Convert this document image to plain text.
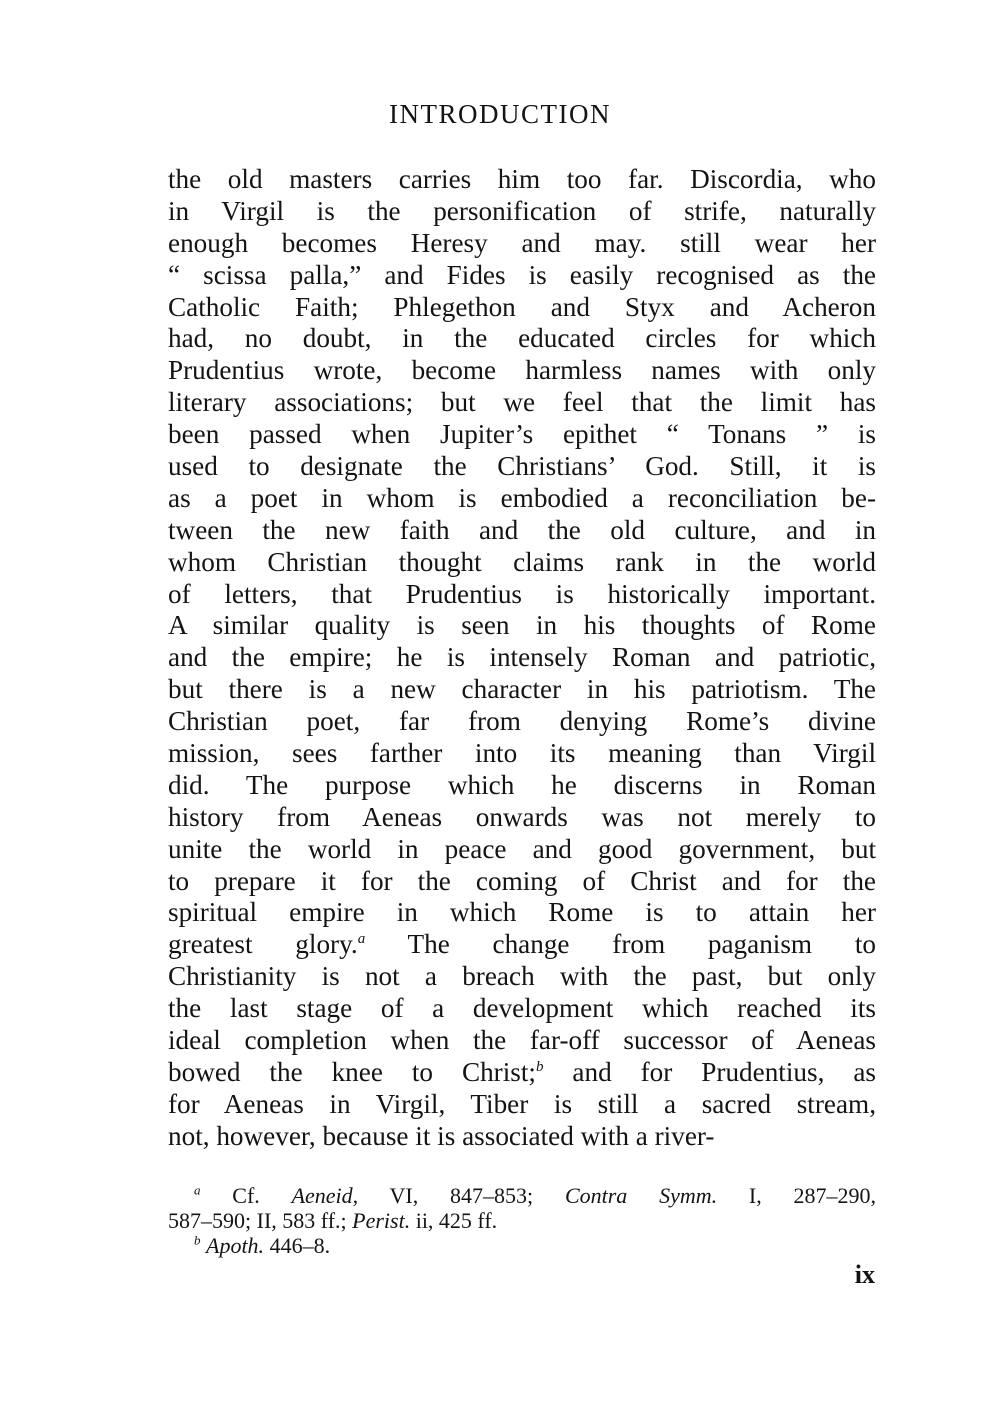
INTRODUCTION
the old masters carries him too far. Discordia, who
in Virgil is the personification of strife, naturally
enough becomes Heresy and may. still wear her
“ scissa palla,” and Fides is easily recognised as the
Catholic Faith; Phlegethon and Styx and Acheron
had, no doubt, in the educated circles for which
Prudentius wrote, become harmless names with only
literary associations; but we feel that the limit has
been passed when Jupiter’s epithet “ Tonans ” is
used to designate the Christians’ God. Still, it is
as a poet in whom is embodied a reconciliation be-
tween the new faith and the old culture, and in
whom Christian thought claims rank in the world
of letters, that Prudentius is historically important.
A similar quality is seen in his thoughts of Rome
and the empire; he is intensely Roman and patriotic,
but there is a new character in his patriotism. The
Christian poet, far from denying Rome’s divine
mission, sees farther into its meaning than Virgil
did. The purpose which he discerns in Roman
history from Aeneas onwards was not merely to
unite the world in peace and good government, but
to prepare it for the coming of Christ and for the
spiritual empire in which Rome is to attain her
greatest glory.$^a$ The change from paganism to
Christianity is not a breach with the past, but only
the last stage of a development which reached its
ideal completion when the far-off successor of Aeneas
bowed the knee to Christ;$^b$ and for Prudentius, as
for Aeneas in Virgil, Tiber is still a sacred stream,
not, however, because it is associated with a river-
$^a$ Cf. Aeneid, VI, 847–853; Contra Symm. I, 287–290,
587–590; II, 583 ff.; Perist. ii, 425 ff.
$^b$ Apoth. 446–8.
ix
